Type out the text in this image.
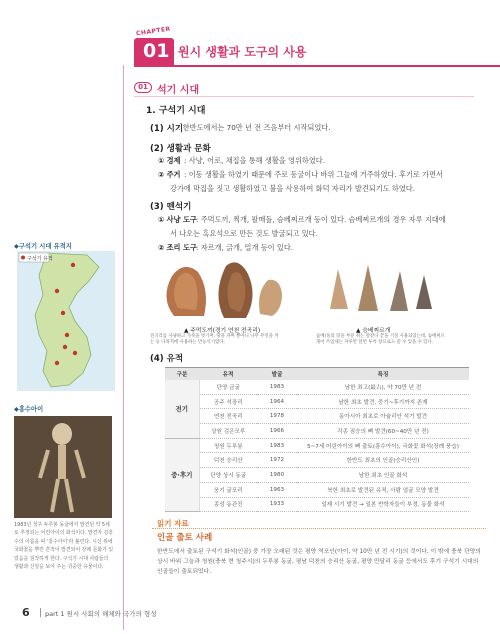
CHAPTER
01 원시 생활과 도구의 사용
01 석기 시대
1. 구석기 시대
(1) 시기
: 한반도에서는 70만 년 전 즈음부터 시작되었다.
(2) 생활과 문화
① 경제 : 사냥, 어로, 채집을 통해 생활을 영위하였다.
② 주거 : 이동 생활을 하였기 때문에 주로 동굴이나 바위 그늘에 거주하였다. 후기로 가면서
강가에 막집을 짓고 생활하였고 불을 사용하여 화덕 자리가 발견되기도 하였다.
(3) 뗀석기
① 사냥 도구 : 주먹도끼, 찍개, 팔매돌, 슴베찌르개 등이 있다. 슴베찌르개의 경우 자루 지대에
서 나오는 흑요석으로 만든 것도 발굴되고 있다.
② 조리 도구 : 자르개, 긁개, 밀개 등이 있다.
▲ 주먹도끼(경기 연천 전곡리)
전곡리를 사냥하고 가죽을 벗기며, 땅을 파며 뿐아니 나무 무엇을 켜
는 등 다목적에 사용하는 만능석기였다.
▲ 슴베찌르개
슴베(돌의 밑을 부분 쥐는 말같다 끝을 거칠 사용되었는데, 슴베찌르
게어 쓰임새는 자루만 달면 투척 창으로도 쓸 수 있을 수 있다.
(4) 유적
구분	유적	발굴	특징
전기	단양 금굴	1983	남한 최고(最古), 약 70만 년 전
	공주 석장리	1964	남한 최초 발견, 중기~후기까지 존재
	연천 전곡리	1978	동아시아 최초로 아슐리안 석기 발견
	상원 검은모루	1966	각종 짐승의 뼈 발견(60~40만 년 전)
중·후기	청원 두루봉	1983	5~7세 어린아이의 뼈 출토(흥수아이), 국화꽃 화석(장례 풍습)
	덕천 승리산	1972	한반도 최초의 인골(승리산인)
	단양 상시 동굴	1980	남한 최초 인골 화석
	웅기 굴포리	1963	북한 최초로 발견된 유적, 사람 얼굴 모양 발견
	종성 동관진	1933	일제 시기 발견 → 일본 반학자들이 부정, 동물 화석
읽기 자료
인골 출토 사례
한반도에서 출토된 구석기 화석(인골) 중 가장 오래된 것은 평양 역포인(아이, 약 10만 년 전 시기)의 것이다. 이 밖에 충북 단양의 상시 바위 그늘과 청원(충북 현 청주시)의 두루봉 동굴, 평남 덕천의 승리산 동굴, 평양 만달리 동굴 등에서도 후기 구석기 시대의 인골들이 출토되었다.
◆구석기 시대 유적지
구석기 유적
◆흥수아이
1983년 청주 두루봉 동굴에서 발견된 약 5세로 추정되는 어린아이의 화석이다. 발견자 김흥수의 이름을 따 '흥수아이'라 불린다. 시신 위에 국화꽃을 뿌린 흔적이 발견되어 장례 문화가 있었음을 짐작하게 한다. 구석기 시대 사람들의 생활과 신앙을 보여 주는 귀중한 유물이다.
6 part 1 원시 사회의 해체와 국가의 형성
